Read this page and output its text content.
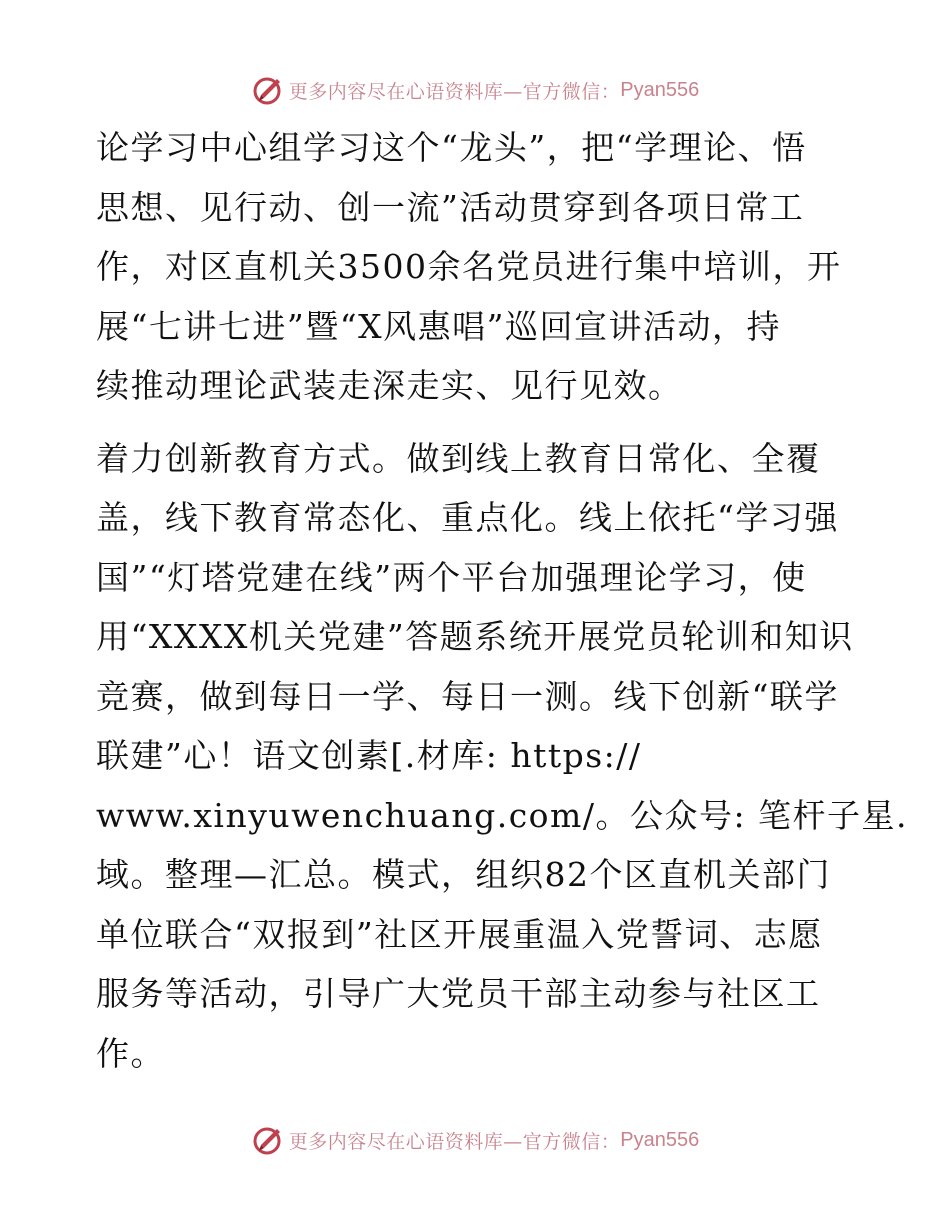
更多内容尽在心语资料库—官方微信： Pyan556
论学习中心组学习这个“龙头”，把“学理论、悟
思想、见行动、创一流”活动贯穿到各项日常工
作，对区直机关3500余名党员进行集中培训，开
展“七讲七进”暨“X风惠唱”巡回宣讲活动，持
续推动理论武装走深走实、见行见效。
着力创新教育方式。做到线上教育日常化、全覆
盖，线下教育常态化、重点化。线上依托“学习强
国”“灯塔党建在线”两个平台加强理论学习，使
用“XXXX机关党建”答题系统开展党员轮训和知识
竞赛，做到每日一学、每日一测。线下创新“联学
联建”心！语文创素[.材库: https://
www.xinyuwenchuang.com/。公众号: 笔杆子星.
域。整理—汇总。模式，组织82个区直机关部门
单位联合“双报到”社区开展重温入党誓词、志愿
服务等活动，引导广大党员干部主动参与社区工
作。
更多内容尽在心语资料库—官方微信： Pyan556
